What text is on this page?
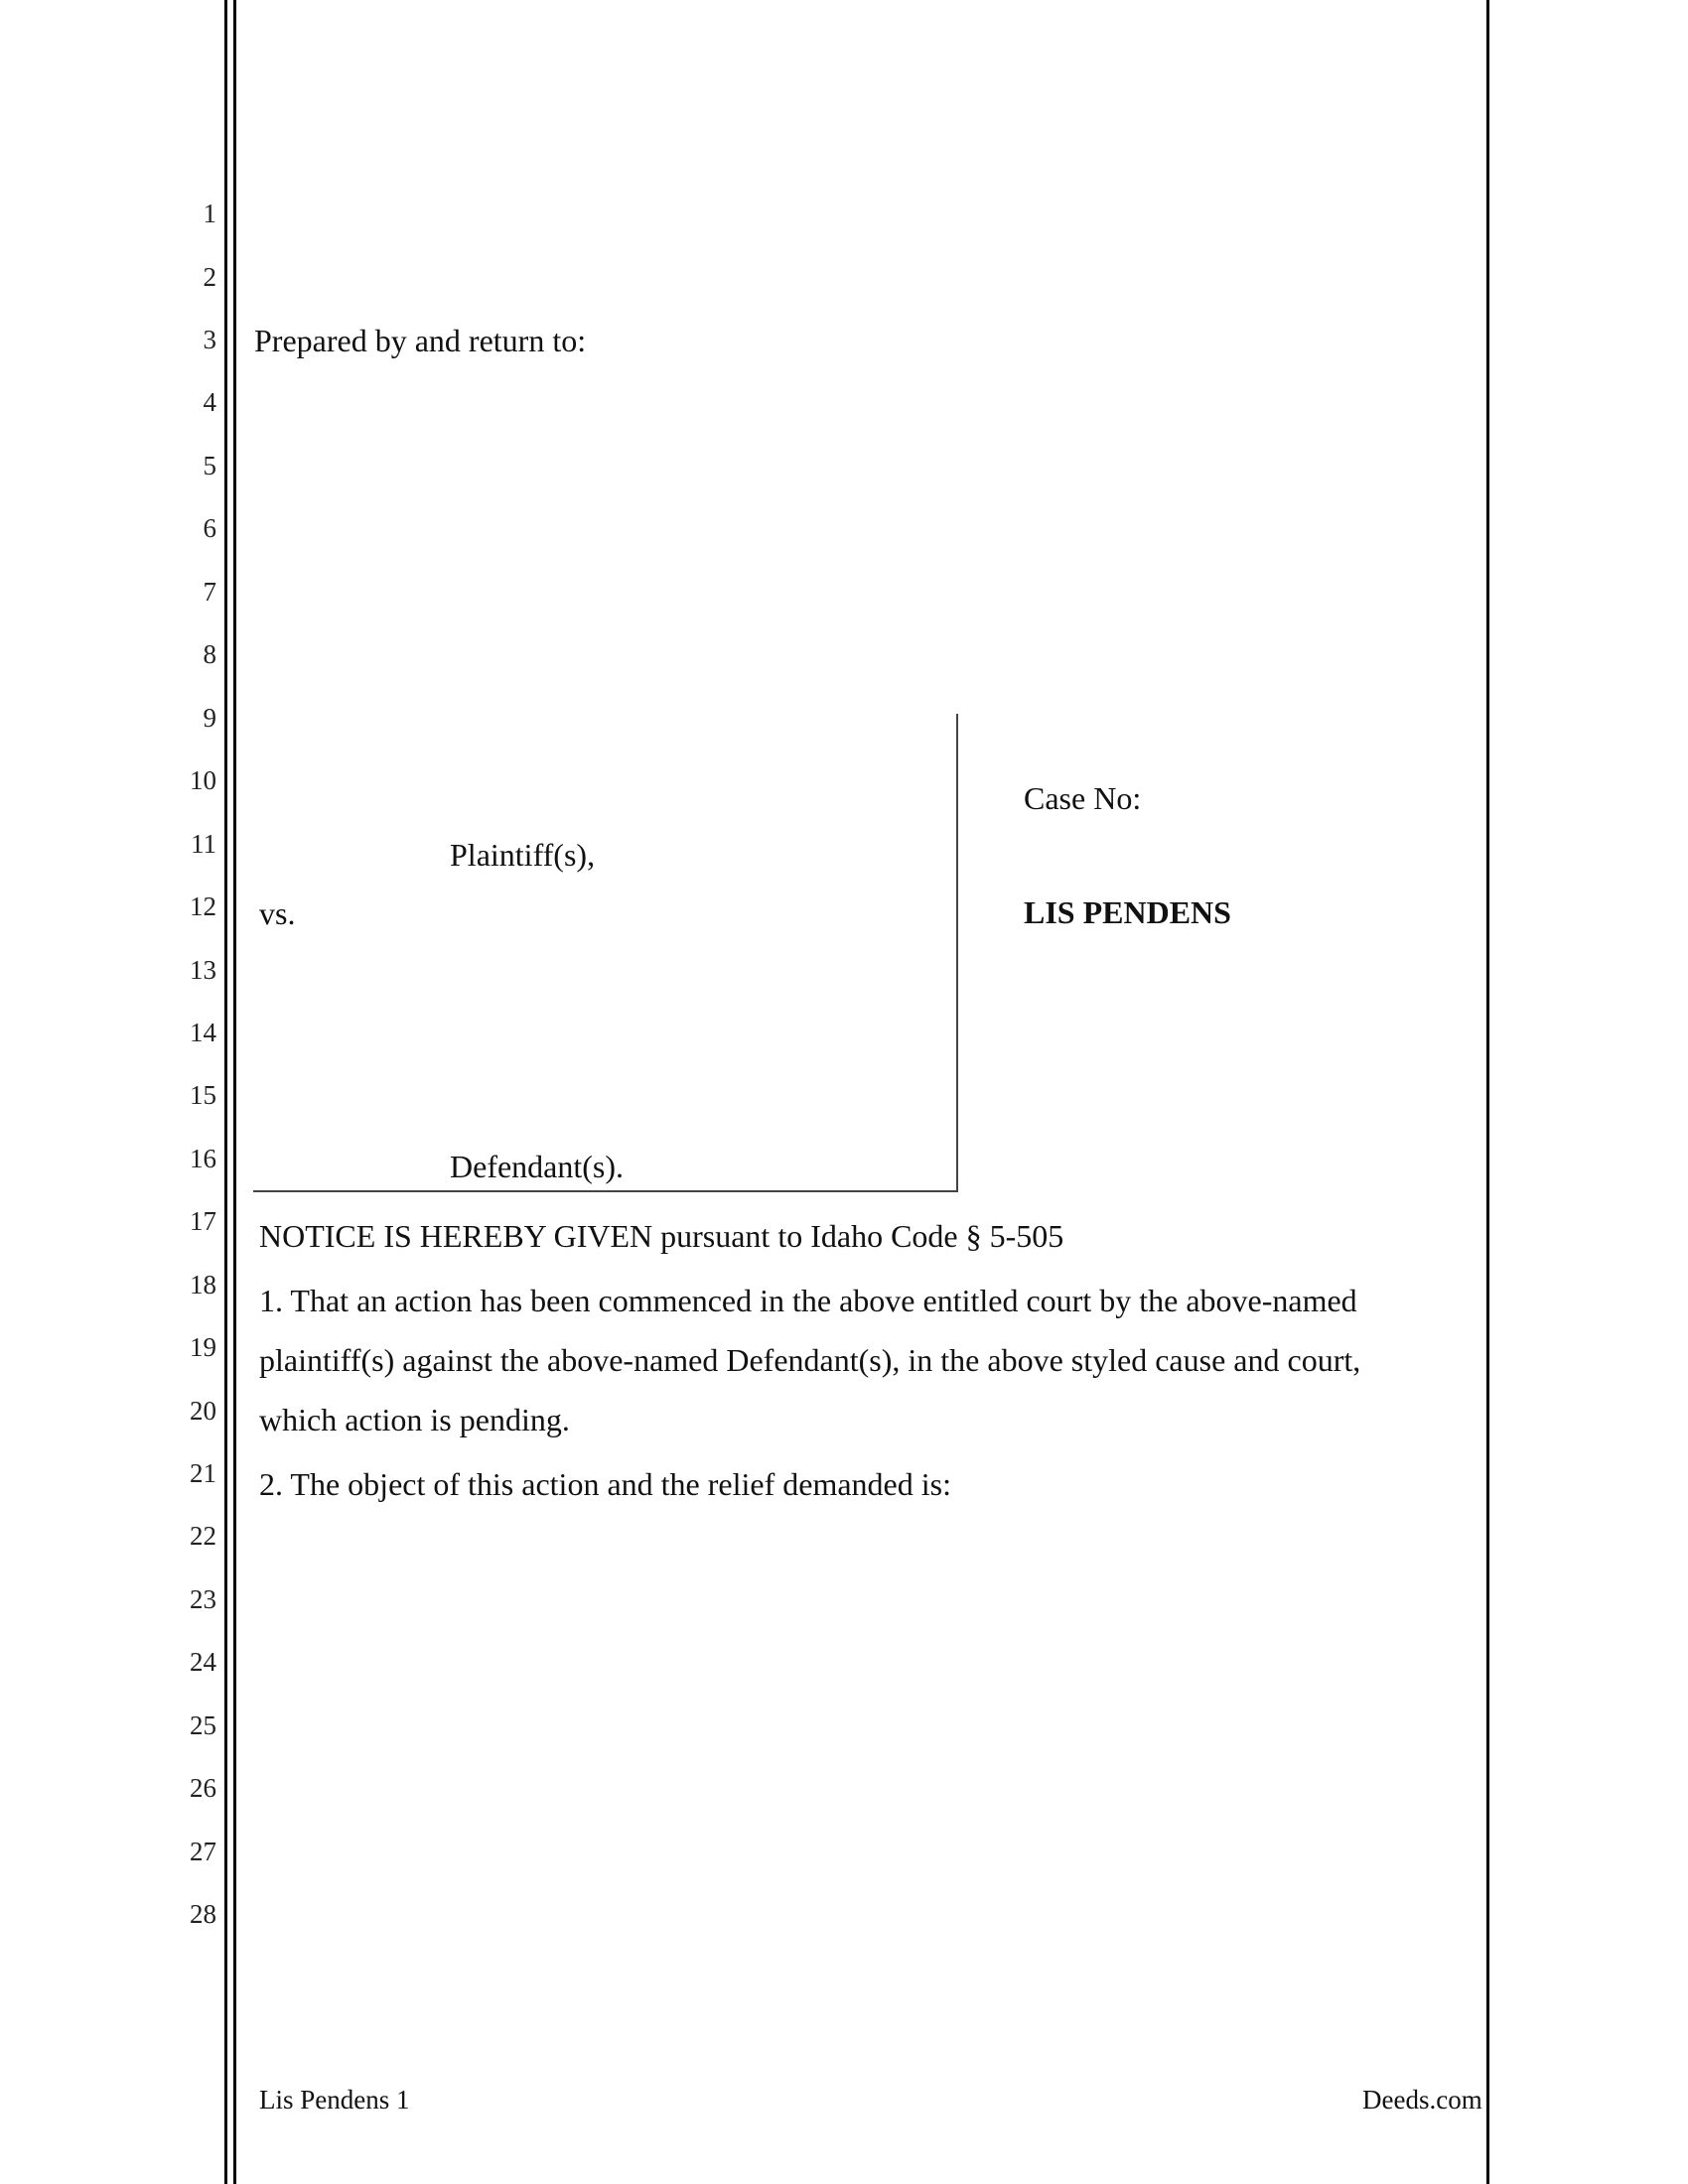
1
2
3
4
5
6
7
8
9
10
11
12
13
14
15
16
17
18
19
20
21
22
23
24
25
26
27
28
Prepared by and return to:
Plaintiff(s),
vs.
Defendant(s).
Case No:
LIS PENDENS
NOTICE IS HEREBY GIVEN pursuant to Idaho Code § 5-505
1. That an action has been commenced in the above entitled court by the above-named
plaintiff(s) against the above-named Defendant(s), in the above styled cause and court,
which action is pending.
2. The object of this action and the relief demanded is:
Lis Pendens 1	Deeds.com
